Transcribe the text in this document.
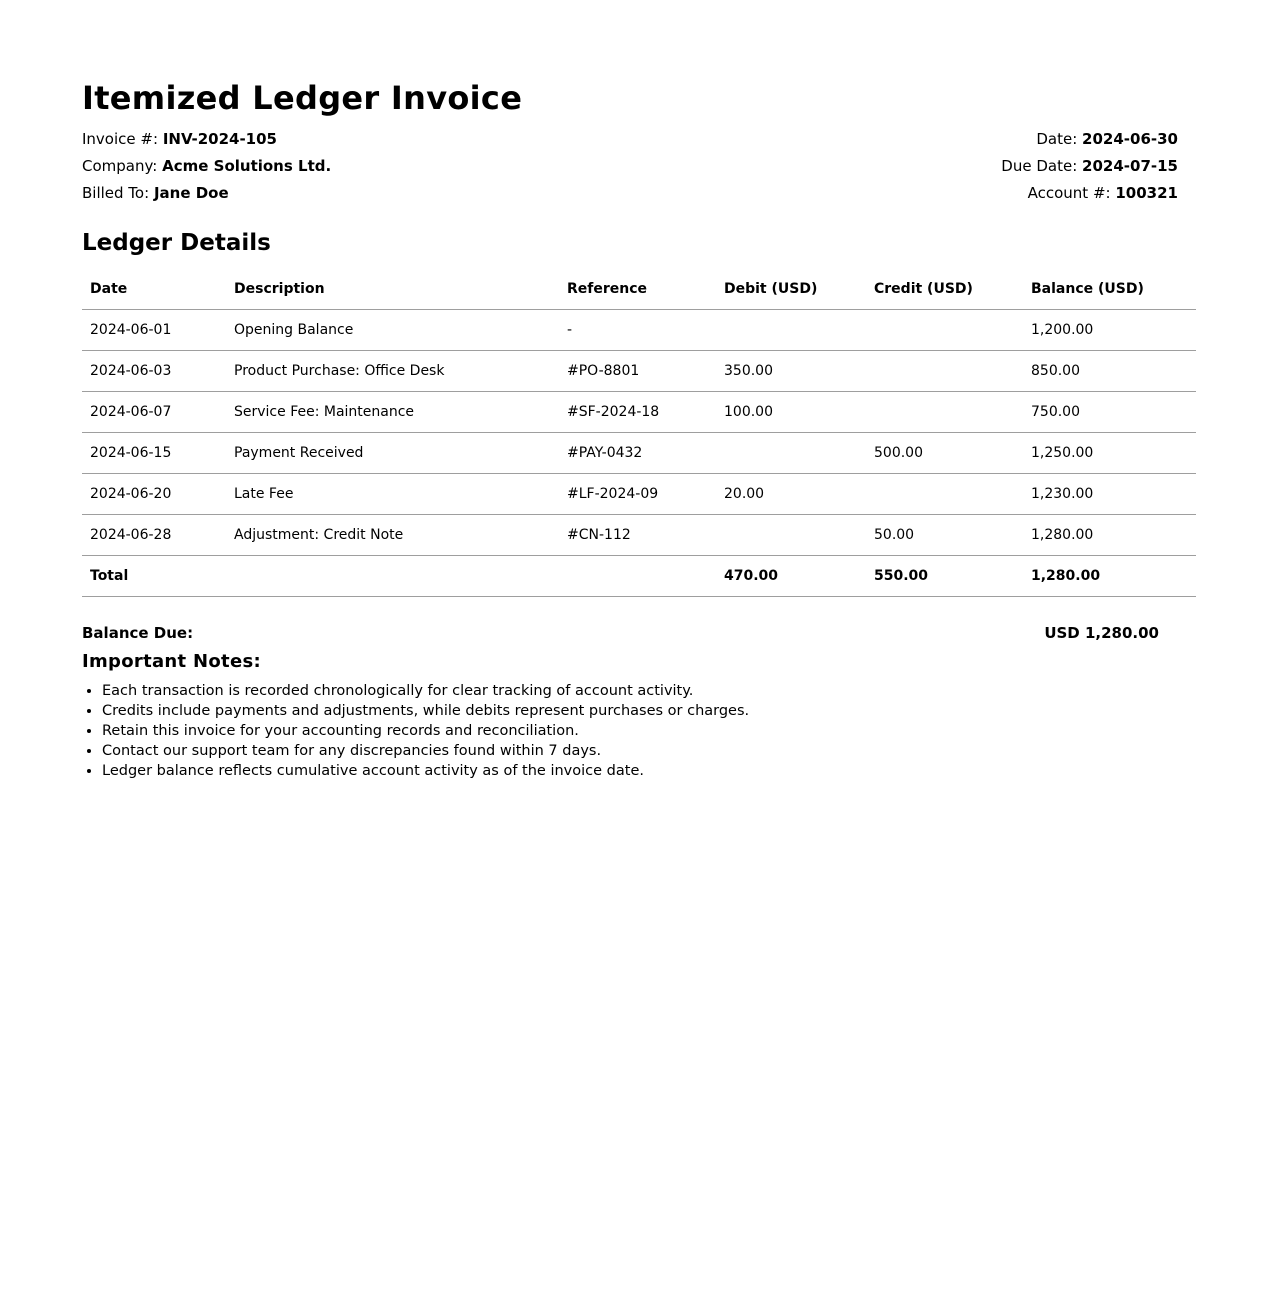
Itemized Ledger Invoice
Invoice #: INV-2024-105
Company: Acme Solutions Ltd.
Billed To: Jane Doe
Date: 2024-06-30
Due Date: 2024-07-15
Account #: 100321
Ledger Details
Date	Description	Reference	Debit (USD)	Credit (USD)	Balance (USD)
2024-06-01	Opening Balance	-			1,200.00
2024-06-03	Product Purchase: Office Desk	#PO-8801	350.00		850.00
2024-06-07	Service Fee: Maintenance	#SF-2024-18	100.00		750.00
2024-06-15	Payment Received	#PAY-0432		500.00	1,250.00
2024-06-20	Late Fee	#LF-2024-09	20.00		1,230.00
2024-06-28	Adjustment: Credit Note	#CN-112		50.00	1,280.00
Total			470.00	550.00	1,280.00
Balance Due:	USD 1,280.00
Important Notes:
• Each transaction is recorded chronologically for clear tracking of account activity.
• Credits include payments and adjustments, while debits represent purchases or charges.
• Retain this invoice for your accounting records and reconciliation.
• Contact our support team for any discrepancies found within 7 days.
• Ledger balance reflects cumulative account activity as of the invoice date.
